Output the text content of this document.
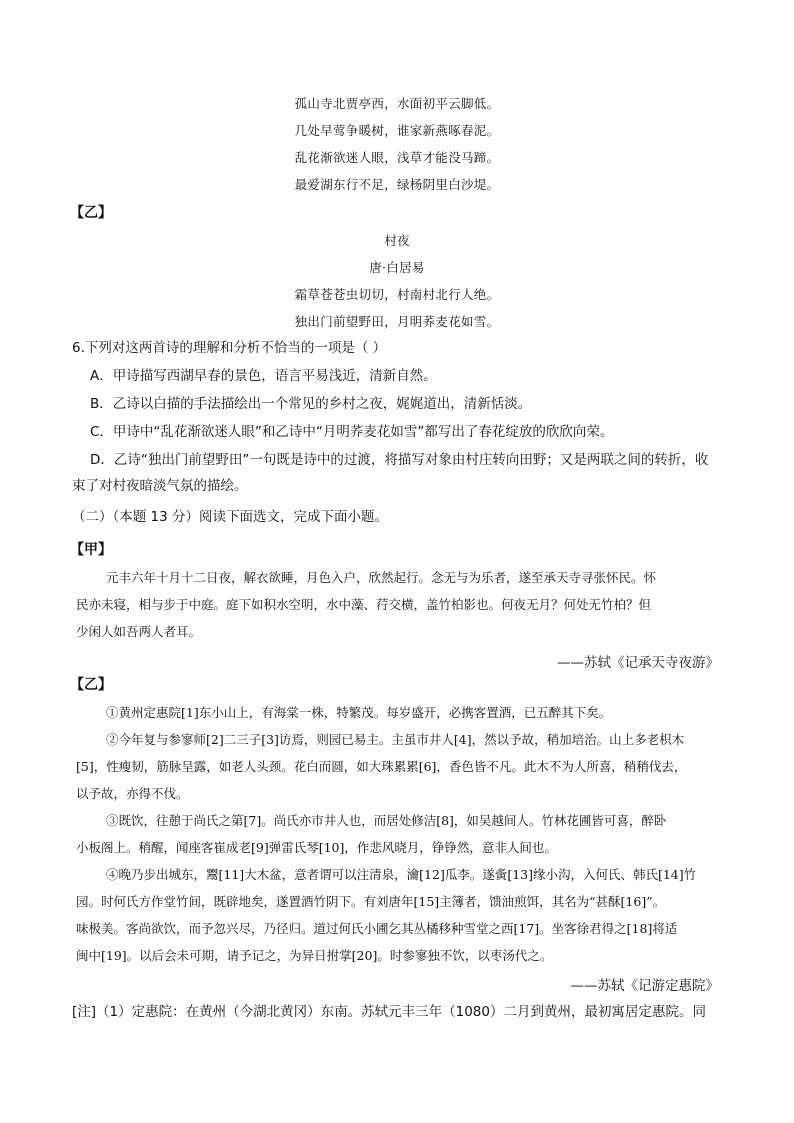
孤山寺北贾亭西，水面初平云脚低。
几处早莺争暖树，谁家新燕啄春泥。
乱花渐欲迷人眼，浅草才能没马蹄。
最爱湖东行不足，绿杨阴里白沙堤。
【乙】
村夜
唐·白居易
霜草苍苍虫切切，村南村北行人绝。
独出门前望野田，月明荞麦花如雪。
6.下列对这两首诗的理解和分析不恰当的一项是（ ）
A．甲诗描写西湖早春的景色，语言平易浅近，清新自然。
B．乙诗以白描的手法描绘出一个常见的乡村之夜，娓娓道出，清新恬淡。
C．甲诗中“乱花渐欲迷人眼”和乙诗中“月明荞麦花如雪”都写出了春花绽放的欣欣向荣。
D．乙诗“独出门前望野田”一句既是诗中的过渡，将描写对象由村庄转向田野；又是两联之间的转折，收
束了对村夜暗淡气氛的描绘。
（二）（本题 13 分）阅读下面选文，完成下面小题。
【甲】
元丰六年十月十二日夜，解衣欲睡，月色入户，欣然起行。念无与为乐者，遂至承天寺寻张怀民。怀
民亦未寝，相与步于中庭。庭下如积水空明，水中藻、荇交横，盖竹柏影也。何夜无月？何处无竹柏？但
少闲人如吾两人者耳。
——苏轼《记承天寺夜游》
【乙】
①黄州定惠院[1]东小山上，有海棠一株，特繁茂。每岁盛开，必携客置酒，已五醉其下矣。
②今年复与参寥师[2]二三子[3]访焉，则园已易主。主虽市井人[4]，然以予故，稍加培治。山上多老枳木
[5]，性瘦韧，筋脉呈露，如老人头颈。花白而圆，如大珠累累[6]，香色皆不凡。此木不为人所喜，稍稍伐去，
以予故，亦得不伐。
③既饮，往憩于尚氏之第[7]。尚氏亦市井人也，而居处修洁[8]，如吴越间人。竹林花圃皆可喜，醉卧
小板阁上。稍醒，闻座客崔成老[9]弹雷氏琴[10]，作悲风晓月，铮铮然，意非人间也。
④晚乃步出城东，鬻[11]大木盆，意者谓可以注清泉，瀹[12]瓜李。遂夤[13]缘小沟，入何氏、韩氏[14]竹
园。时何氏方作堂竹间，既辟地矣，遂置酒竹阴下。有刘唐年[15]主簿者，馈油煎饵，其名为“甚酥[16]”。
味极美。客尚欲饮，而予忽兴尽，乃径归。道过何氏小圃乞其丛橘移种雪堂之西[17]。坐客徐君得之[18]将适
闽中[19]。以后会未可期，请予记之，为异日拊掌[20]。时参寥独不饮，以枣汤代之。
——苏轼《记游定惠院》
[注]（1）定惠院：在黄州（今湖北黄冈）东南。苏轼元丰三年（1080）二月到黄州，最初寓居定惠院。同
